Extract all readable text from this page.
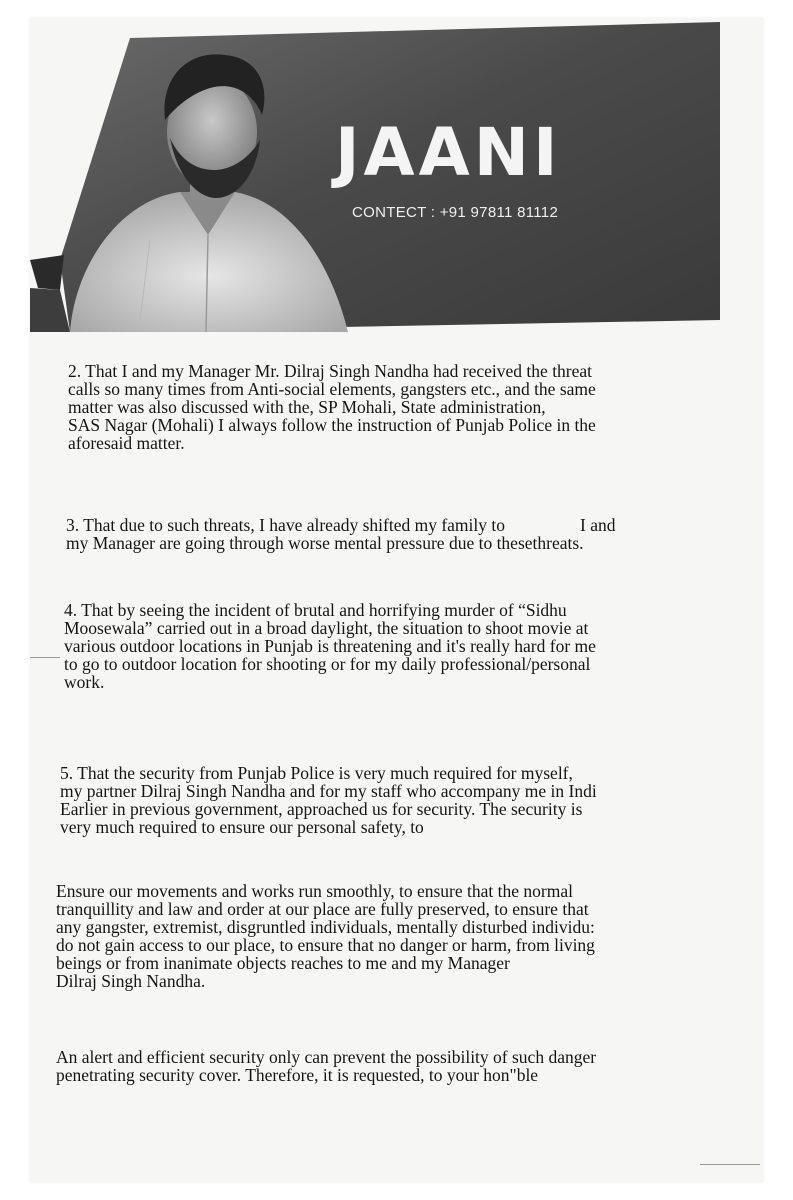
JAANI
CONTECT : +91 97811 81112
2. That I and my Manager Mr. Dilraj Singh Nandha had received the threat
calls so many times from Anti-social elements, gangsters etc., and the same
matter was also discussed with the, SP Mohali, State administration,
SAS Nagar (Mohali) I always follow the instruction of Punjab Police in the
aforesaid matter.
3. That due to such threats, I have already shifted my family to	I and
my Manager are going through worse mental pressure due to thesethreats.
4. That by seeing the incident of brutal and horrifying murder of “Sidhu
Moosewala” carried out in a broad daylight, the situation to shoot movie at
various outdoor locations in Punjab is threatening and it's really hard for me
to go to outdoor location for shooting or for my daily professional/personal
work.
5. That the security from Punjab Police is very much required for myself,
my partner Dilraj Singh Nandha and for my staff who accompany me in Indi
Earlier in previous government, approached us for security. The security is
very much required to ensure our personal safety, to
Ensure our movements and works run smoothly, to ensure that the normal
tranquillity and law and order at our place are fully preserved, to ensure that
any gangster, extremist, disgruntled individuals, mentally disturbed individu:
do not gain access to our place, to ensure that no danger or harm, from living
beings or from inanimate objects reaches to me and my Manager
Dilraj Singh Nandha.
An alert and efficient security only can prevent the possibility of such danger
penetrating security cover. Therefore, it is requested, to your hon"ble
